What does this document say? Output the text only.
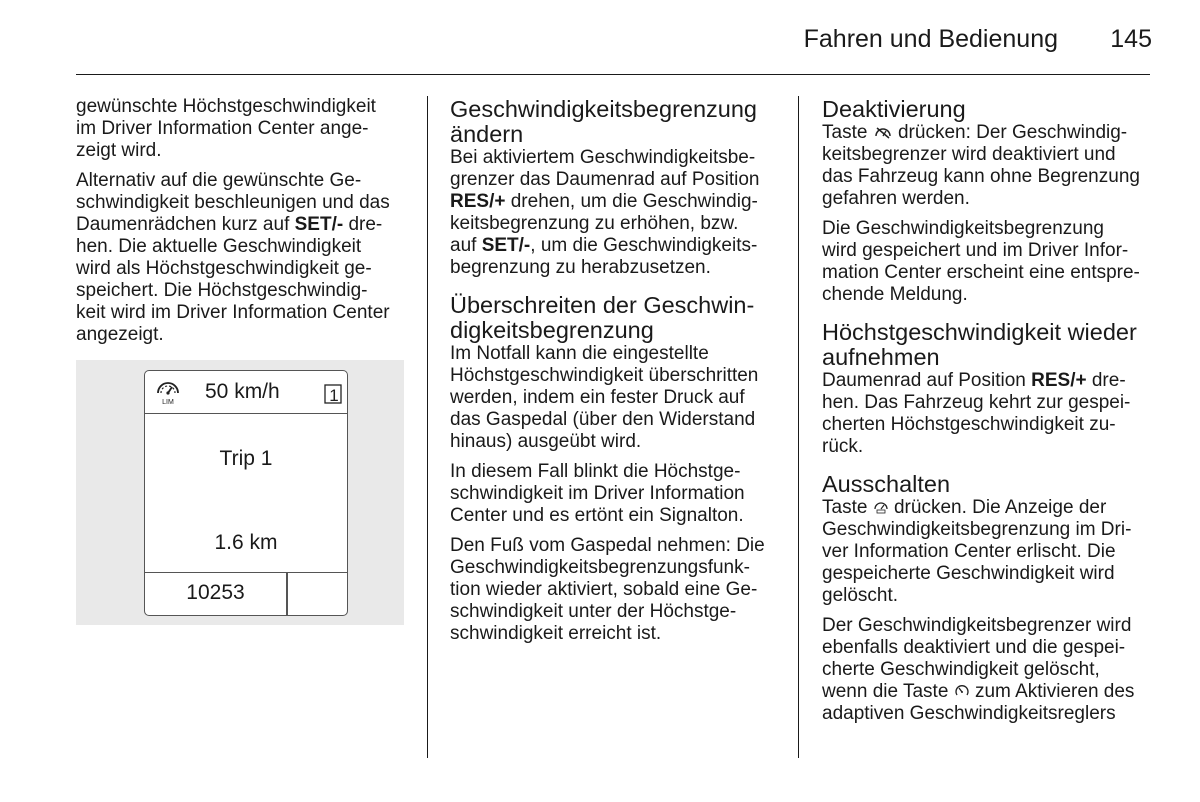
Fahren und Bedienung	145

gewünschte Höchstgeschwindigkeit
im Driver Information Center ange-
zeigt wird.

Alternativ auf die gewünschte Ge-
schwindigkeit beschleunigen und das
Daumenrädchen kurz auf SET/- dre-
hen. Die aktuelle Geschwindigkeit
wird als Höchstgeschwindigkeit ge-
speichert. Die Höchstgeschwindig-
keit wird im Driver Information Center
angezeigt.

LIM 50 km/h	1
Trip 1
1.6 km
10253
Geschwindigkeitsbegrenzung
ändern

Bei aktiviertem Geschwindigkeitsbe-
grenzer das Daumenrad auf Position
RES/+ drehen, um die Geschwindig-
keitsbegrenzung zu erhöhen, bzw.
auf SET/-, um die Geschwindigkeits-
begrenzung zu herabzusetzen.

Überschreiten der Geschwin-
digkeitsbegrenzung

Im Notfall kann die eingestellte
Höchstgeschwindigkeit überschritten
werden, indem ein fester Druck auf
das Gaspedal (über den Widerstand
hinaus) ausgeübt wird.

In diesem Fall blinkt die Höchstge-
schwindigkeit im Driver Information
Center und es ertönt ein Signalton.

Den Fuß vom Gaspedal nehmen: Die
Geschwindigkeitsbegrenzungsfunk-
tion wieder aktiviert, sobald eine Ge-
schwindigkeit unter der Höchstge-
schwindigkeit erreicht ist.

Deaktivierung

Taste  drücken: Der Geschwindig-
keitsbegrenzer wird deaktiviert und
das Fahrzeug kann ohne Begrenzung
gefahren werden.

Die Geschwindigkeitsbegrenzung
wird gespeichert und im Driver Infor-
mation Center erscheint eine entspre-
chende Meldung.

Höchstgeschwindigkeit wieder
aufnehmen

Daumenrad auf Position RES/+ dre-
hen. Das Fahrzeug kehrt zur gespei-
cherten Höchstgeschwindigkeit zu-
rück.

Ausschalten

Taste  drücken. Die Anzeige der
Geschwindigkeitsbegrenzung im Dri-
ver Information Center erlischt. Die
gespeicherte Geschwindigkeit wird
gelöscht.

Der Geschwindigkeitsbegrenzer wird
ebenfalls deaktiviert und die gespei-
cherte Geschwindigkeit gelöscht,
wenn die Taste  zum Aktivieren des
adaptiven Geschwindigkeitsreglers
